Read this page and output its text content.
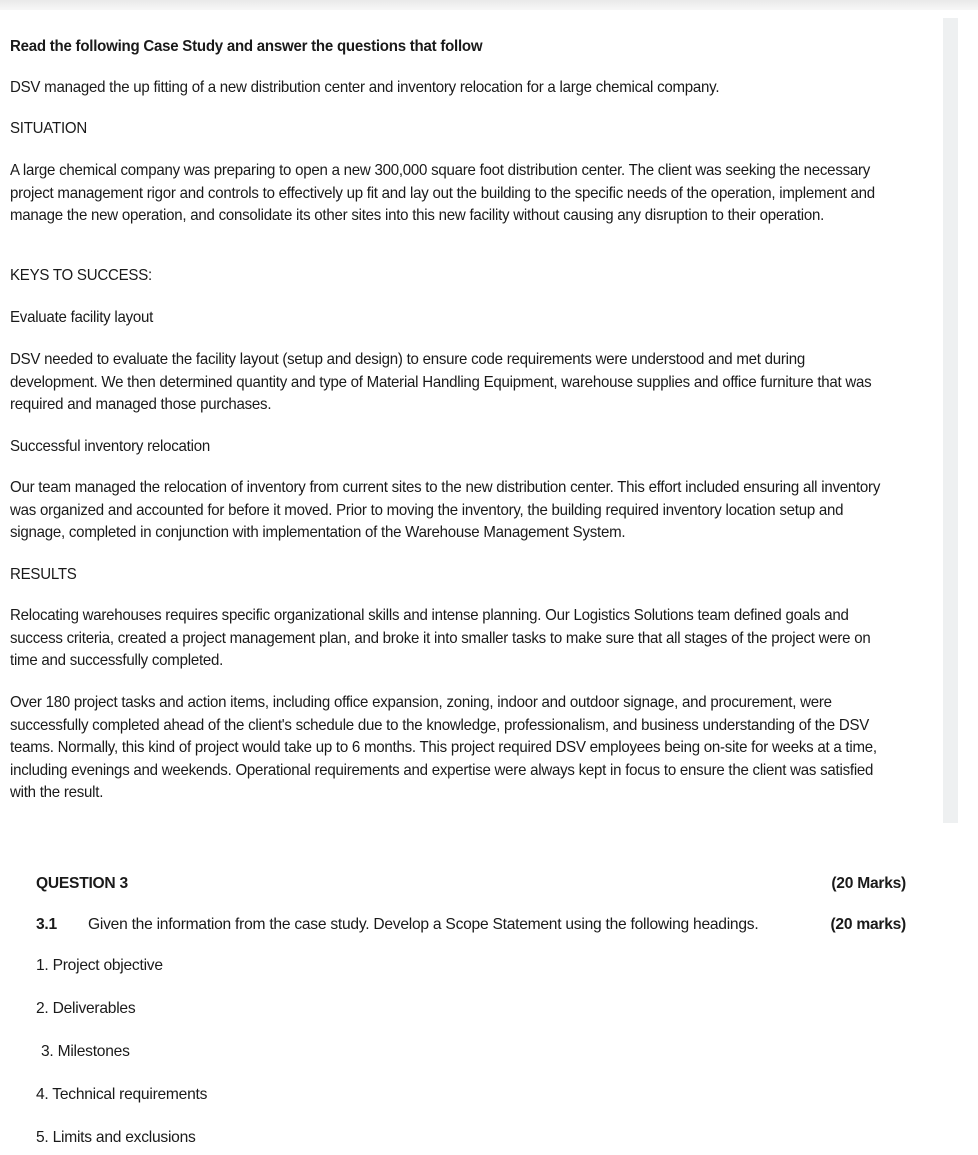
Read the following Case Study and answer the questions that follow

DSV managed the up fitting of a new distribution center and inventory relocation for a large chemical company.

SITUATION

A large chemical company was preparing to open a new 300,000 square foot distribution center. The client was seeking the necessary project management rigor and controls to effectively up fit and lay out the building to the specific needs of the operation, implement and manage the new operation, and consolidate its other sites into this new facility without causing any disruption to their operation.

KEYS TO SUCCESS:

Evaluate facility layout

DSV needed to evaluate the facility layout (setup and design) to ensure code requirements were understood and met during development. We then determined quantity and type of Material Handling Equipment, warehouse supplies and office furniture that was required and managed those purchases.

Successful inventory relocation

Our team managed the relocation of inventory from current sites to the new distribution center. This effort included ensuring all inventory was organized and accounted for before it moved. Prior to moving the inventory, the building required inventory location setup and signage, completed in conjunction with implementation of the Warehouse Management System.

RESULTS

Relocating warehouses requires specific organizational skills and intense planning. Our Logistics Solutions team defined goals and success criteria, created a project management plan, and broke it into smaller tasks to make sure that all stages of the project were on time and successfully completed.

Over 180 project tasks and action items, including office expansion, zoning, indoor and outdoor signage, and procurement, were successfully completed ahead of the client's schedule due to the knowledge, professionalism, and business understanding of the DSV teams. Normally, this kind of project would take up to 6 months. This project required DSV employees being on-site for weeks at a time, including evenings and weekends. Operational requirements and expertise were always kept in focus to ensure the client was satisfied with the result.

QUESTION 3	(20 Marks)
3.1	Given the information from the case study. Develop a Scope Statement using the following headings.	(20 marks)
1. Project objective
2. Deliverables
3. Milestones
4. Technical requirements
5. Limits and exclusions
